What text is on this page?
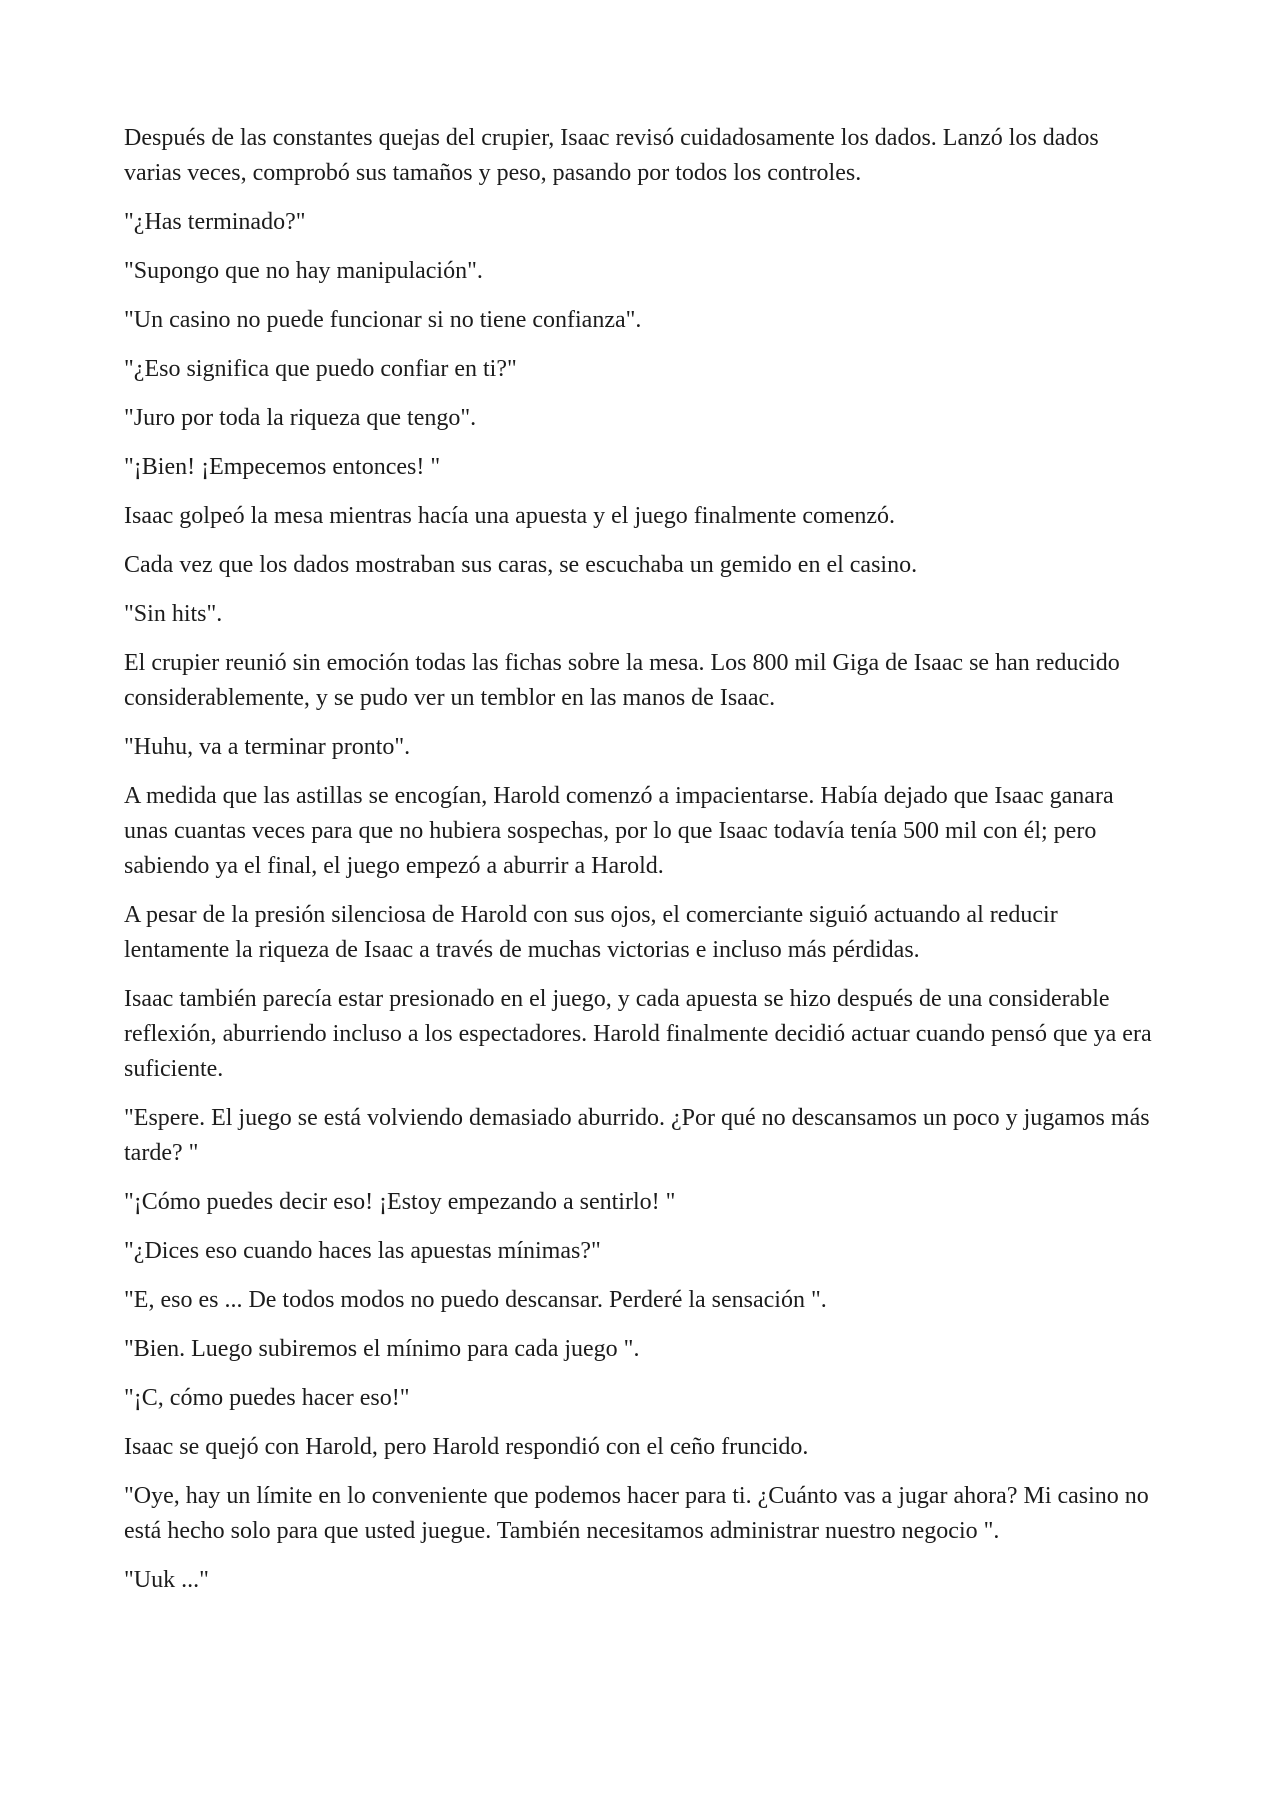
Después de las constantes quejas del crupier, Isaac revisó cuidadosamente los dados. Lanzó los dados varias veces, comprobó sus tamaños y peso, pasando por todos los controles.

"¿Has terminado?"

"Supongo que no hay manipulación".

"Un casino no puede funcionar si no tiene confianza".

"¿Eso significa que puedo confiar en ti?"

"Juro por toda la riqueza que tengo".

"¡Bien! ¡Empecemos entonces! "

Isaac golpeó la mesa mientras hacía una apuesta y el juego finalmente comenzó.

Cada vez que los dados mostraban sus caras, se escuchaba un gemido en el casino.

"Sin hits".

El crupier reunió sin emoción todas las fichas sobre la mesa. Los 800 mil Giga de Isaac se han reducido considerablemente, y se pudo ver un temblor en las manos de Isaac.

"Huhu, va a terminar pronto".

A medida que las astillas se encogían, Harold comenzó a impacientarse. Había dejado que Isaac ganara unas cuantas veces para que no hubiera sospechas, por lo que Isaac todavía tenía 500 mil con él; pero sabiendo ya el final, el juego empezó a aburrir a Harold.

A pesar de la presión silenciosa de Harold con sus ojos, el comerciante siguió actuando al reducir lentamente la riqueza de Isaac a través de muchas victorias e incluso más pérdidas.

Isaac también parecía estar presionado en el juego, y cada apuesta se hizo después de una considerable reflexión, aburriendo incluso a los espectadores. Harold finalmente decidió actuar cuando pensó que ya era suficiente.

"Espere. El juego se está volviendo demasiado aburrido. ¿Por qué no descansamos un poco y jugamos más tarde? "

"¡Cómo puedes decir eso! ¡Estoy empezando a sentirlo! "

"¿Dices eso cuando haces las apuestas mínimas?"

"E, eso es ... De todos modos no puedo descansar. Perderé la sensación ".

"Bien. Luego subiremos el mínimo para cada juego ".

"¡C, cómo puedes hacer eso!"

Isaac se quejó con Harold, pero Harold respondió con el ceño fruncido.

"Oye, hay un límite en lo conveniente que podemos hacer para ti. ¿Cuánto vas a jugar ahora? Mi casino no está hecho solo para que usted juegue. También necesitamos administrar nuestro negocio ".

"Uuk ..."
